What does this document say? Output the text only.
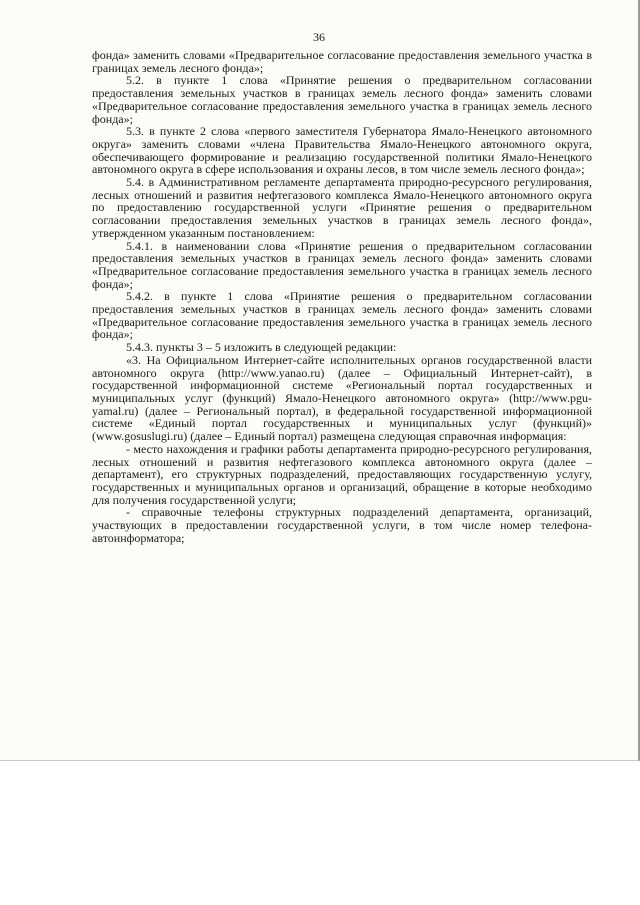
36

фонда» заменить словами «Предварительное согласование предоставления земельного участка в границах земель лесного фонда»;

5.2. в пункте 1 слова «Принятие решения о предварительном согласовании предоставления земельных участков в границах земель лесного фонда» заменить словами «Предварительное согласование предоставления земельного участка в границах земель лесного фонда»;

5.3. в пункте 2 слова «первого заместителя Губернатора Ямало-Ненецкого автономного округа» заменить словами «члена Правительства Ямало-Ненецкого автономного округа, обеспечивающего формирование и реализацию государственной политики Ямало-Ненецкого автономного округа в сфере использования и охраны лесов, в том числе земель лесного фонда»;

5.4. в Административном регламенте департамента природно-ресурсного регулирования, лесных отношений и развития нефтегазового комплекса Ямало-Ненецкого автономного округа по предоставлению государственной услуги «Принятие решения о предварительном согласовании предоставления земельных участков в границах земель лесного фонда», утвержденном указанным постановлением:

5.4.1. в наименовании слова «Принятие решения о предварительном согласовании предоставления земельных участков в границах земель лесного фонда» заменить словами «Предварительное согласование предоставления земельного участка в границах земель лесного фонда»;

5.4.2. в пункте 1 слова «Принятие решения о предварительном согласовании предоставления земельных участков в границах земель лесного фонда» заменить словами «Предварительное согласование предоставления земельного участка в границах земель лесного фонда»;

5.4.3. пункты 3 – 5 изложить в следующей редакции:

«3. На Официальном Интернет-сайте исполнительных органов государственной власти автономного округа (http://www.yanao.ru) (далее – Официальный Интернет-сайт), в государственной информационной системе «Региональный портал государственных и муниципальных услуг (функций) Ямало-Ненецкого автономного округа» (http://www.pgu-yamal.ru) (далее – Региональный портал), в федеральной государственной информационной системе «Единый портал государственных и муниципальных услуг (функций)» (www.gosuslugi.ru) (далее – Единый портал) размещена следующая справочная информация:

- место нахождения и графики работы департамента природно-ресурсного регулирования, лесных отношений и развития нефтегазового комплекса автономного округа (далее – департамент), его структурных подразделений, предоставляющих государственную услугу, государственных и муниципальных органов и организаций, обращение в которые необходимо для получения государственной услуги;

- справочные телефоны структурных подразделений департамента, организаций, участвующих в предоставлении государственной услуги, в том числе номер телефона-автоинформатора;
